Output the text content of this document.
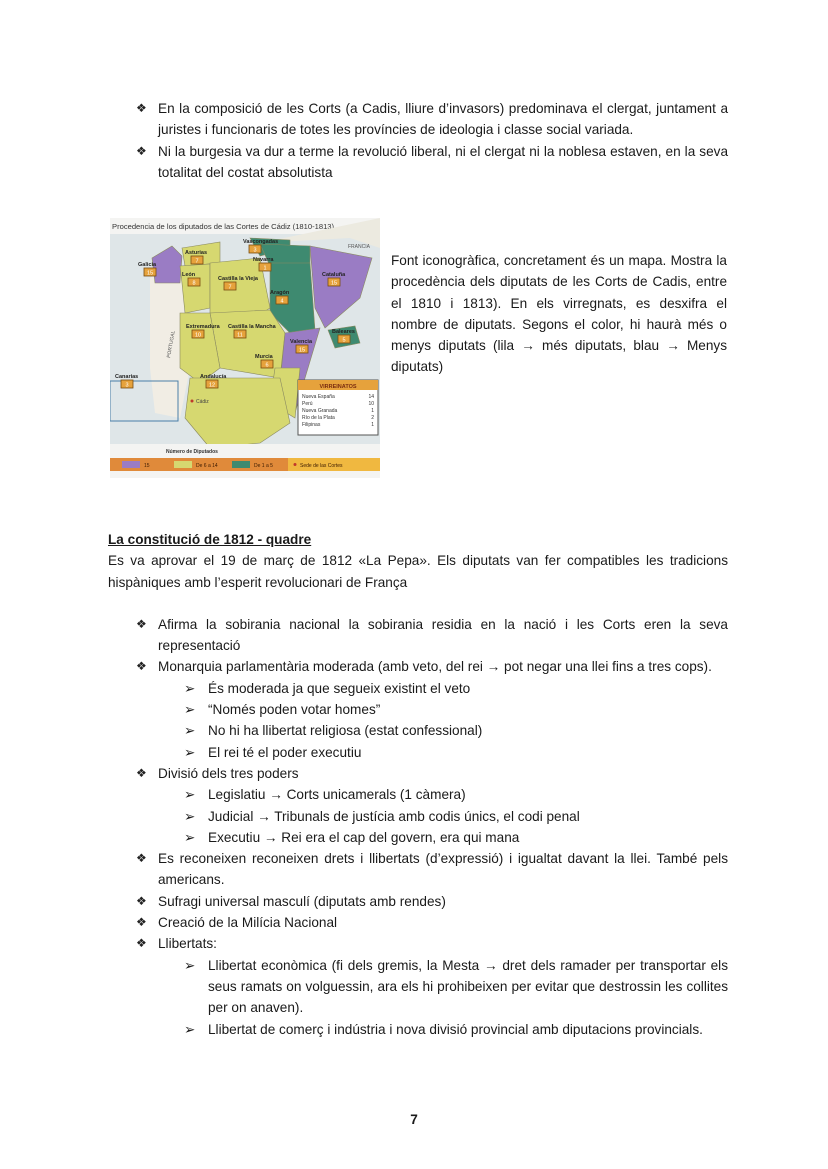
❖ En la composició de les Corts (a Cadis, lliure d’invasors) predominava el clergat, juntament a juristes i funcionaris de totes les províncies de ideologia i classe social variada.
❖ Ni la burgesia va dur a terme la revolució liberal, ni el clergat ni la noblesa estaven, en la seva totalitat del costat absolutista
Procedencia de los diputados de las Cortes de Cádiz (1810-1813)
Galicia
15
Asturias
7
León
8
Vascongadas
3
Navarra
1
Castilla la Vieja
7
Aragón
4
Cataluña
15
Castilla la Mancha
11
Extremadura
10
Valencia
15
Murcia
6
Baleares
5
Andalucía
12
Canarias
3
FRANCIA
PORTUGAL
Cádiz
VIRREINATOS
Nueva España	14
Perú	10
Nueva Granada	1
Río de la Plata	2
Filipinas	1
Número de Diputados
15	De 6 a 14	De 1 a 5	Sede de las Cortes
Font iconogràfica, concretament és un mapa. Mostra la procedència dels diputats de les Corts de Cadis, entre el 1810 i 1813). En els virregnats, es desxifra el nombre de diputats. Segons el color, hi haurà més o menys diputats (lila → més diputats, blau → Menys diputats)
La constitució de 1812 - quadre

Es va aprovar el 19 de març de 1812 «La Pepa». Els diputats van fer compatibles les tradicions hispàniques amb l’esperit revolucionari de França

❖ Afirma la sobirania nacional la sobirania residia en la nació i les Corts eren la seva representació
❖ Monarquia parlamentària moderada (amb veto, del rei → pot negar una llei fins a tres cops).
➢ És moderada ja que segueix existint el veto
➢ “Només poden votar homes”
➢ No hi ha llibertat religiosa (estat confessional)
➢ El rei té el poder executiu
❖ Divisió dels tres poders
➢ Legislatiu → Corts unicamerals (1 càmera)
➢ Judicial → Tribunals de justícia amb codis únics, el codi penal
➢ Executiu → Rei era el cap del govern, era qui mana
❖ Es reconeixen reconeixen drets i llibertats (d’expressió) i igualtat davant la llei. També pels americans.
❖ Sufragi universal masculí (diputats amb rendes)
❖ Creació de la Milícia Nacional
❖ Llibertats:
➢ Llibertat econòmica (fi dels gremis, la Mesta → dret dels ramader per transportar els seus ramats on volguessin, ara els hi prohibeixen per evitar que destrossin les collites per on anaven).
➢ Llibertat de comerç i indústria i nova divisió provincial amb diputacions provincials.
7
